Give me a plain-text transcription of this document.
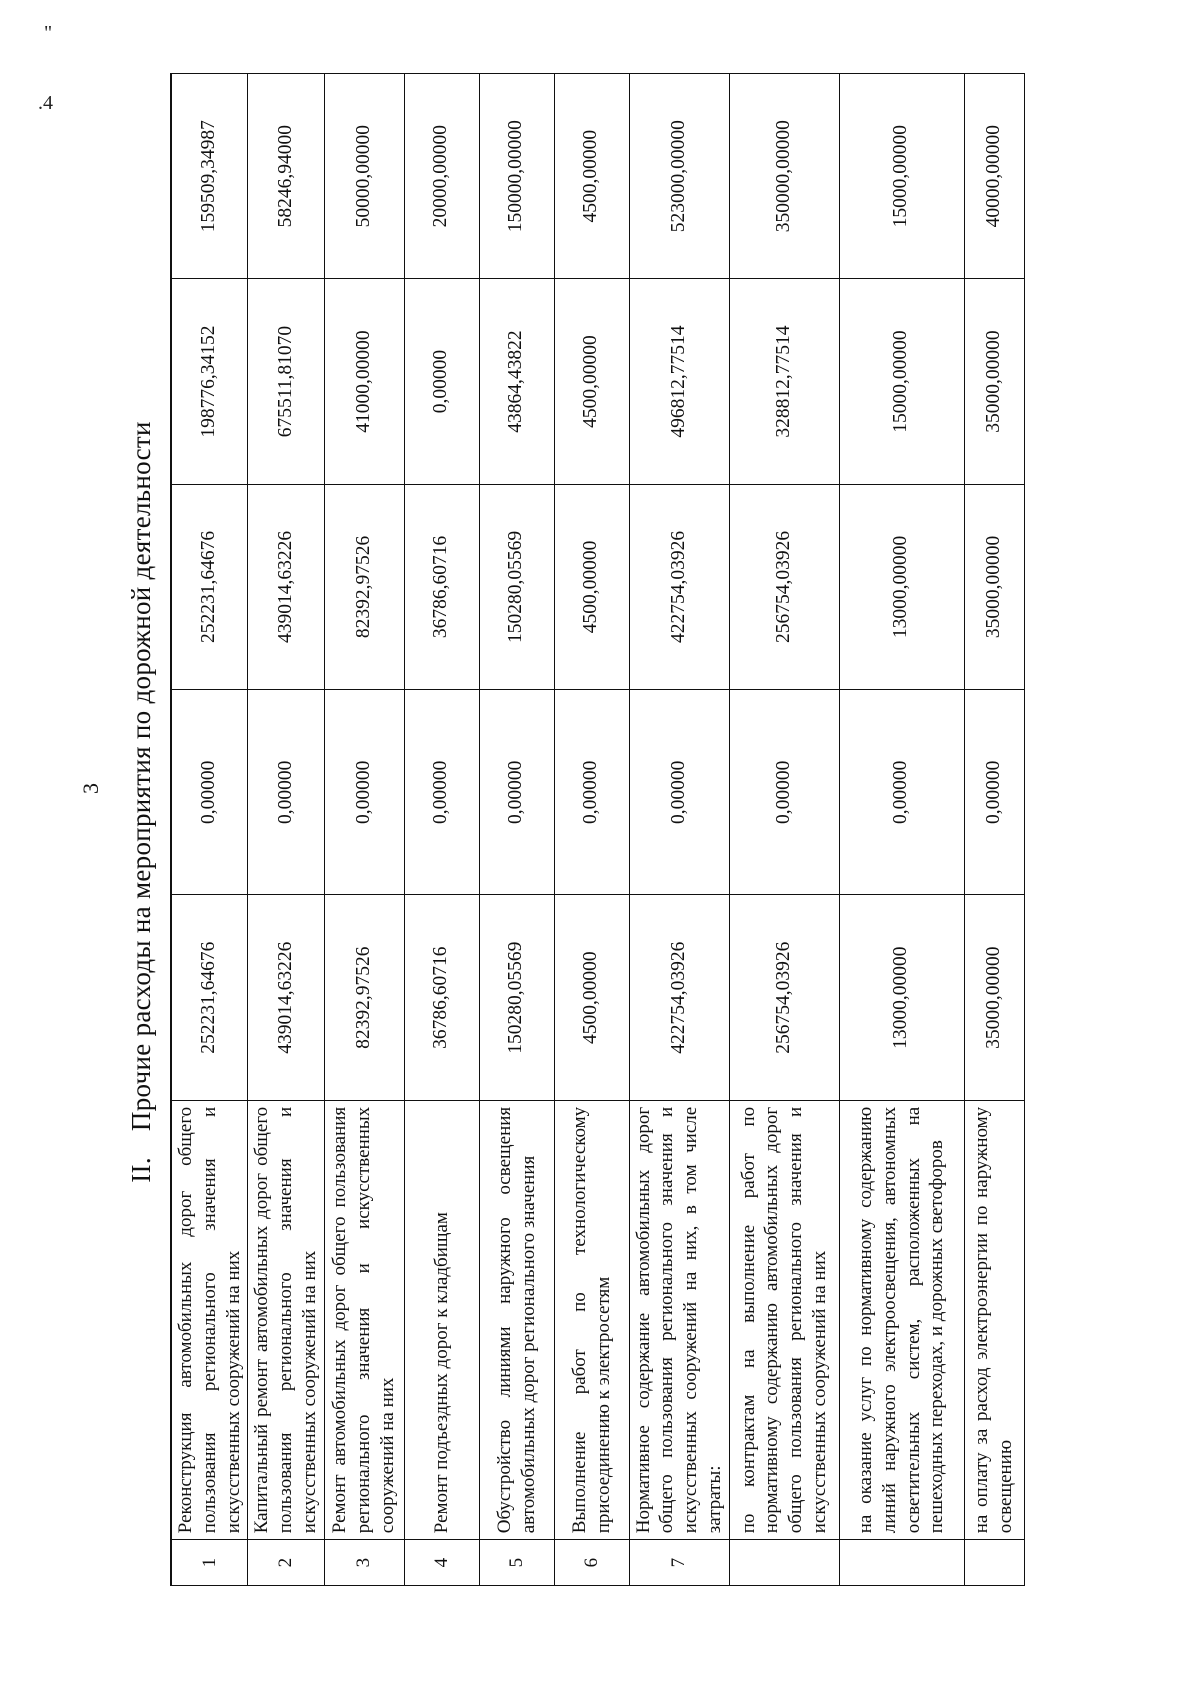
.4
"
3
II.Прочие расходы на мероприятия по дорожной деятельности
1	Реконструкция автомобильных дорог общего пользования регионального значения и искусственных сооружений на них	252231,64676	0,00000	252231,64676	198776,34152	159509,34987
2	Капитальный ремонт автомобильных дорог общего пользования регионального значения и искусственных сооружений на них	439014,63226	0,00000	439014,63226	675511,81070	58246,94000
3	Ремонт автомобильных дорог общего пользования регионального значения и искусственных сооружений на них	82392,97526	0,00000	82392,97526	41000,00000	50000,00000
4	Ремонт подъездных дорог к кладбищам	36786,60716	0,00000	36786,60716	0,00000	20000,00000
5	Обустройство линиями наружного освещения автомобильных дорог регионального значения	150280,05569	0,00000	150280,05569	43864,43822	150000,00000
6	Выполнение работ по технологическому присоединению к электросетям	4500,00000	0,00000	4500,00000	4500,00000	4500,00000
7	Нормативное содержание автомобильных дорог общего пользования регионального значения и искусственных сооружений на них, в том числе затраты:	422754,03926	0,00000	422754,03926	496812,77514	523000,00000
	по контрактам на выполнение работ по нормативному содержанию автомобильных дорог общего пользования регионального значения и искусственных сооружений на них	256754,03926	0,00000	256754,03926	328812,77514	350000,00000
	на оказание услуг по нормативному содержанию линий наружного электроосвещения, автономных осветительных систем, расположенных на пешеходных переходах, и дорожных светофоров	13000,00000	0,00000	13000,00000	15000,00000	15000,00000
	на оплату за расход электроэнергии по наружному освещению	35000,00000	0,00000	35000,00000	35000,00000	40000,00000
